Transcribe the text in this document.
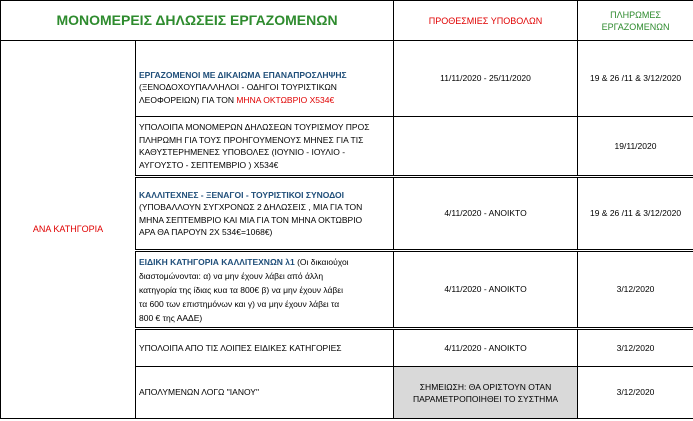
ΜΟΝΟΜΕΡΕΙΣ ΔΗΛΩΣΕΙΣ ΕΡΓΑΖΟΜΕΝΩΝ		ΠΡΟΘΕΣΜΙΕΣ ΥΠΟΒΟΛΩΝ	ΠΛΗΡΩΜΕΣ
ΕΡΓΑΖΟΜΕΝΩΝ

ΑΝΑ ΚΑΤΗΓΟΡΙΑ	ΕΡΓΑΖΟΜΕΝΟΙ ΜΕ ΔΙΚΑΙΩΜΑ ΕΠΑΝΑΠΡΟΣΛΗΨΗΣ
(ΞΕΝΟΔΟΧΟΥΠΑΛΛΗΛΟΙ - ΟΔΗΓΟΙ ΤΟΥΡΙΣΤΙΚΩΝ
ΛΕΟΦΟΡΕΙΩΝ) ΓΙΑ ΤΟΝ ΜΗΝΑ ΟΚΤΩΒΡΙΟ Χ534€	11/11/2020 - 25/11/2020	19 & 26 /11 & 3/12/2020

	ΥΠΟΛΟΙΠΑ ΜΟΝΟΜΕΡΩΝ ΔΗΛΩΣΕΩΝ ΤΟΥΡΙΣΜΟΥ ΠΡΟΣ
ΠΛΗΡΩΜΗ ΓΙΑ ΤΟΥΣ ΠΡΟΗΓΟΥΜΕΝΟΥΣ ΜΗΝΕΣ ΓΙΑ ΤΙΣ
ΚΑΘΥΣΤΕΡΗΜΕΝΕΣ ΥΠΟΒΟΛΕΣ (ΙΟΥΝΙΟ - ΙΟΥΛΙΟ -
ΑΥΓΟΥΣΤΟ - ΣΕΠΤΕΜΒΡΙΟ ) Χ534€		19/11/2020

	ΚΑΛΛΙΤΕΧΝΕΣ - ΞΕΝΑΓΟΙ - ΤΟΥΡΙΣΤΙΚΟΙ ΣΥΝΟΔΟΙ
(ΥΠΟΒΑΛΛΟΥΝ ΣΥΓΧΡΟΝΩΣ 2 ΔΗΛΩΣΕΙΣ , ΜΙΑ ΓΙΑ ΤΟΝ
ΜΗΝΑ ΣΕΠΤΕΜΒΡΙΟ ΚΑΙ ΜΙΑ ΓΙΑ ΤΟΝ ΜΗΝΑ ΟΚΤΩΒΡΙΟ
ΑΡΑ ΘΑ ΠΑΡΟΥΝ 2Χ 534€=1068€)	4/11/2020 - ΑΝΟΙΚΤΟ	19 & 26 /11 & 3/12/2020

	ΕΙΔΙΚΗ ΚΑΤΗΓΟΡΙΑ ΚΑΛΛΙΤΕΧΝΩΝ λ1 (Οι δικαιούχοι
διαστομώνονται: α) να μην έχουν λάβει από άλλη
κατηγορία της ίδιας κυα τα 800€ β) να μην έχουν λάβει
τα 600 των επιστημόνων και γ) να μην έχουν λάβει τα
800 € της ΑΑΔΕ)	4/11/2020 - ΑΝΟΙΚΤΟ	3/12/2020
	ΥΠΟΛΟΙΠΑ ΑΠΟ ΤΙΣ ΛΟΙΠΕΣ ΕΙΔΙΚΕΣ ΚΑΤΗΓΟΡΙΕΣ	4/11/2020 - ΑΝΟΙΚΤΟ	3/12/2020
	ΑΠΟΛΥΜΕΝΩΝ ΛΟΓΩ "ΙΑΝΟΥ"	ΣΗΜΕΙΩΣΗ: ΘΑ ΟΡΙΣΤΟΥΝ ΟΤΑΝ
ΠΑΡΑΜΕΤΡΟΠΟΙΗΘΕΙ ΤΟ ΣΥΣΤΗΜΑ	3/12/2020
